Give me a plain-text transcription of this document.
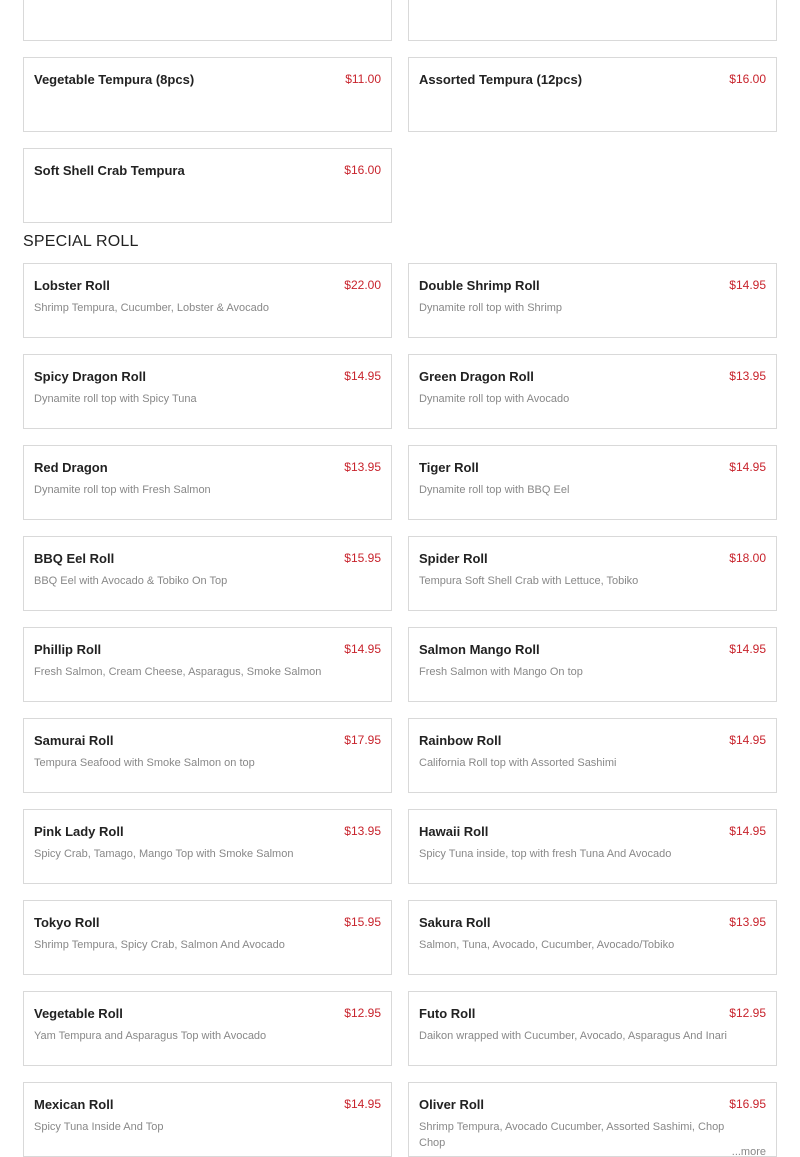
Vegetable Tempura (8pcs)	$11.00	Assorted Tempura (12pcs)	$16.00
Soft Shell Crab Tempura	$16.00
SPECIAL ROLL
Lobster Roll	$22.00
Shrimp Tempura, Cucumber, Lobster & Avocado
Double Shrimp Roll	$14.95
Dynamite roll top with Shrimp
Spicy Dragon Roll	$14.95
Dynamite roll top with Spicy Tuna
Green Dragon Roll	$13.95
Dynamite roll top with Avocado
Red Dragon	$13.95
Dynamite roll top with Fresh Salmon
Tiger Roll	$14.95
Dynamite roll top with BBQ Eel
BBQ Eel Roll	$15.95
BBQ Eel with Avocado & Tobiko On Top
Spider Roll	$18.00
Tempura Soft Shell Crab with Lettuce, Tobiko
Phillip Roll	$14.95
Fresh Salmon, Cream Cheese, Asparagus, Smoke Salmon
Salmon Mango Roll	$14.95
Fresh Salmon with Mango On top
Samurai Roll	$17.95
Tempura Seafood with Smoke Salmon on top
Rainbow Roll	$14.95
California Roll top with Assorted Sashimi
Pink Lady Roll	$13.95
Spicy Crab, Tamago, Mango Top with Smoke Salmon
Hawaii Roll	$14.95
Spicy Tuna inside, top with fresh Tuna And Avocado
Tokyo Roll	$15.95
Shrimp Tempura, Spicy Crab, Salmon And Avocado
Sakura Roll	$13.95
Salmon, Tuna, Avocado, Cucumber, Avocado/Tobiko
Vegetable Roll	$12.95
Yam Tempura and Asparagus Top with Avocado
Futo Roll	$12.95
Daikon wrapped with Cucumber, Avocado, Asparagus And Inari
Mexican Roll	$14.95
Spicy Tuna Inside And Top
Oliver Roll	$16.95
Shrimp Tempura, Avocado Cucumber, Assorted Sashimi, Chop Chop
...more
